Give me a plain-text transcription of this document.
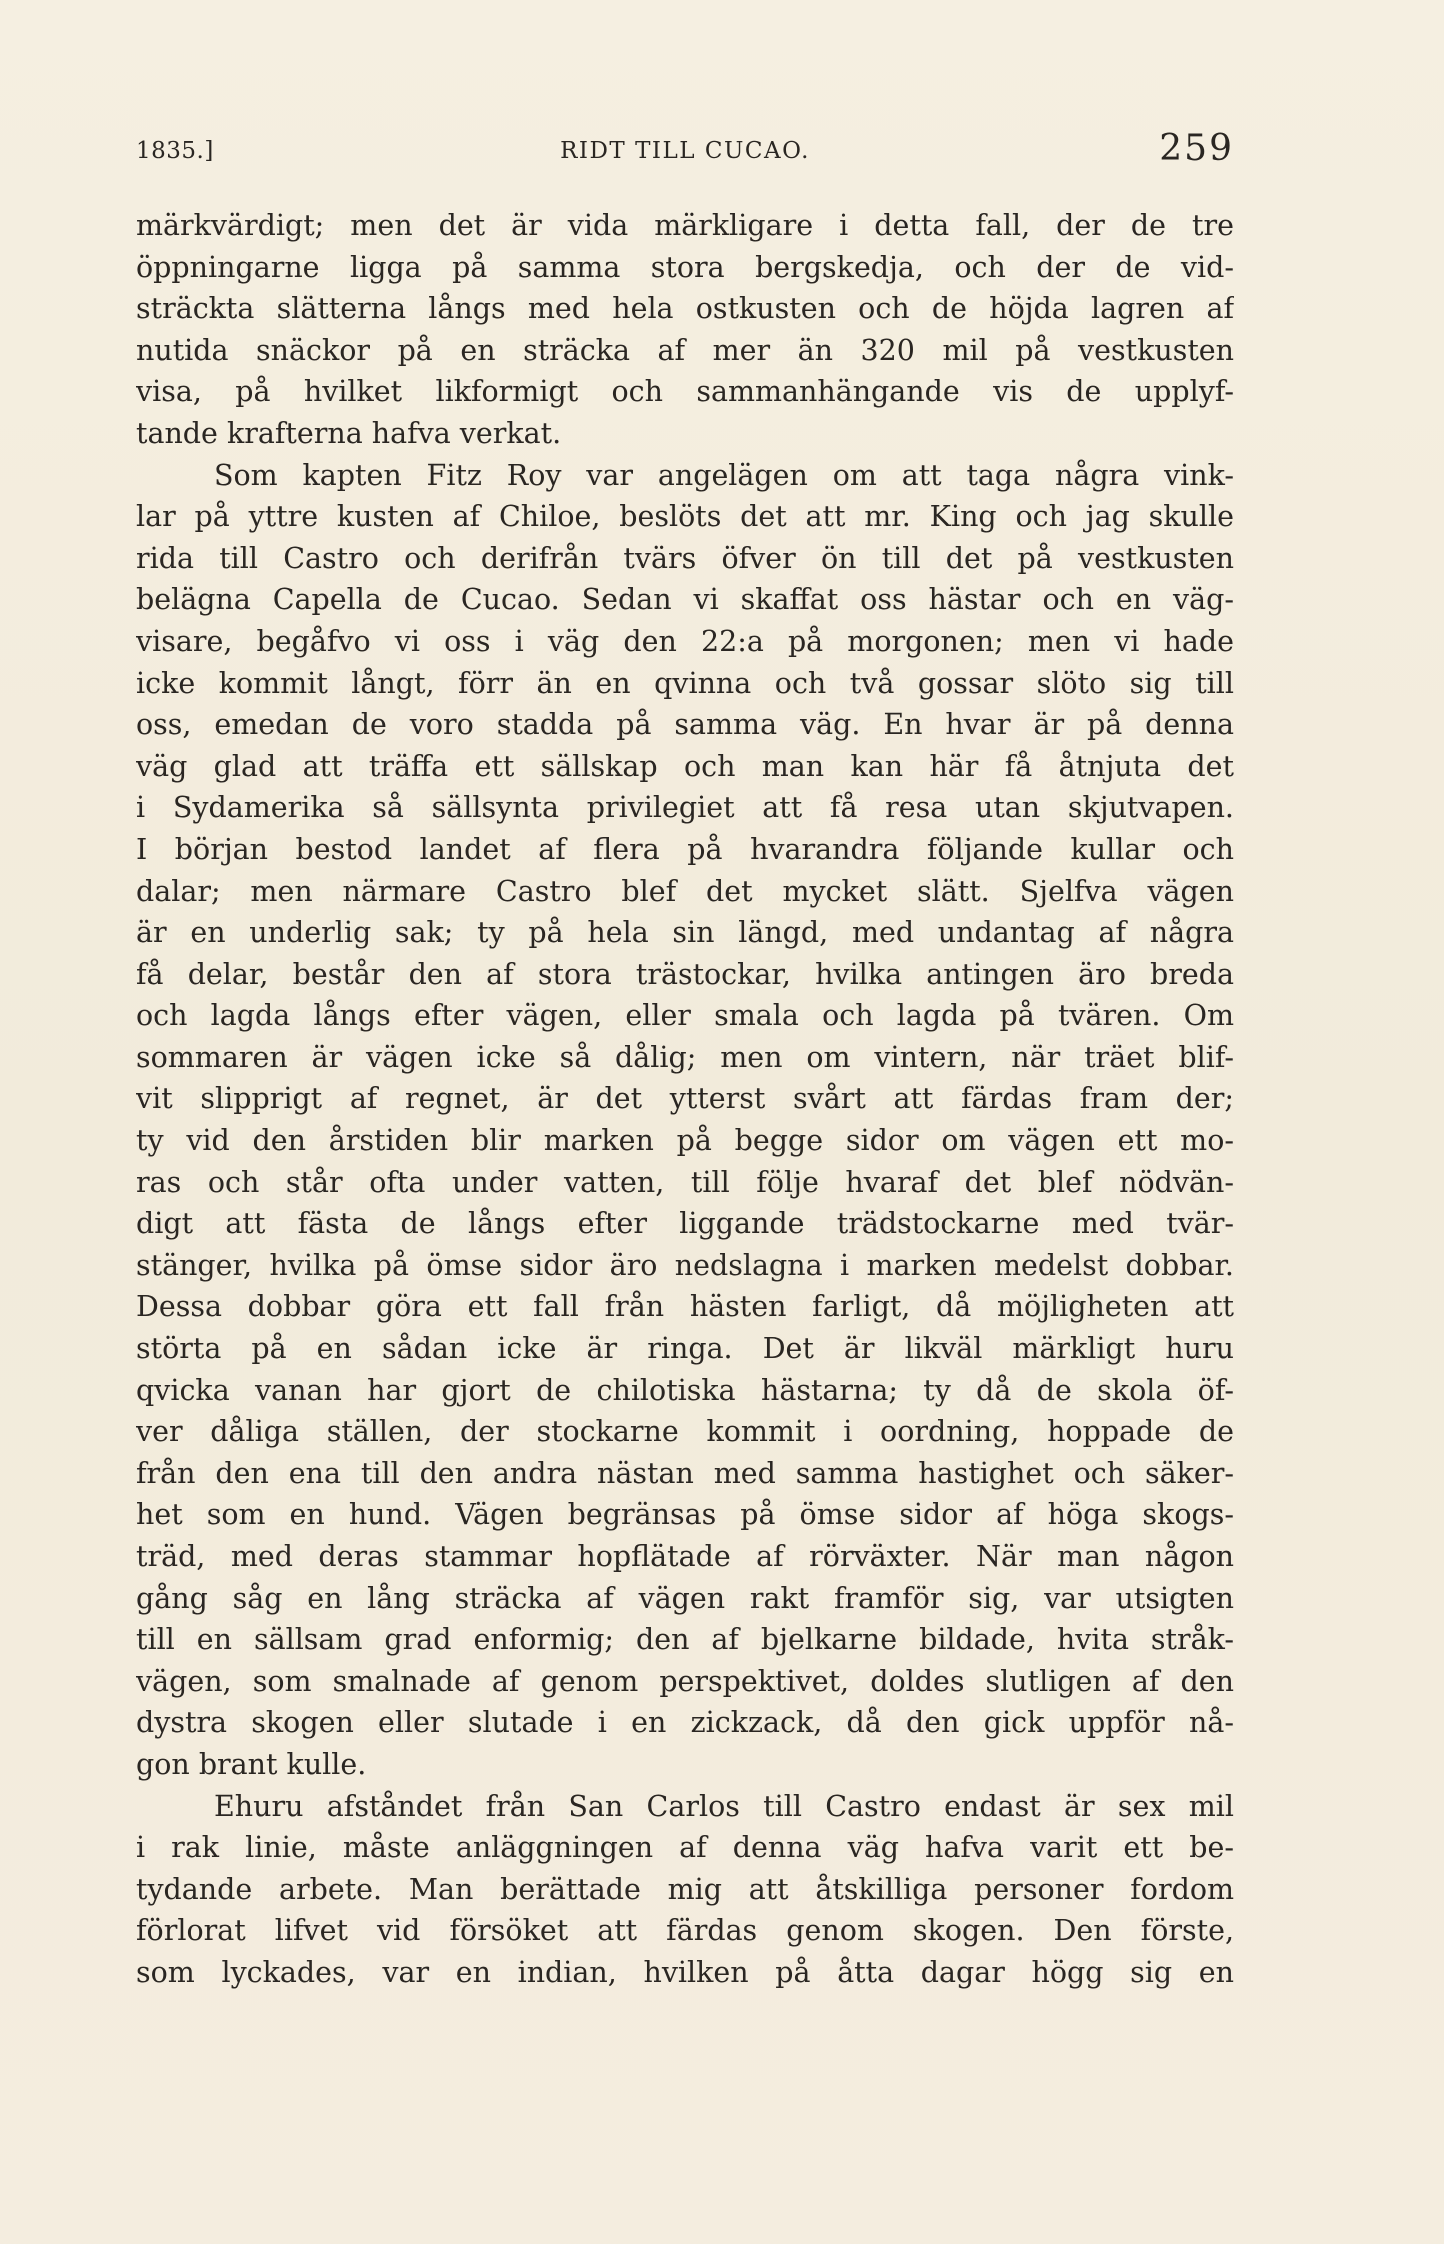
1835.]	RIDT TILL CUCAO.	259
märkvärdigt; men det är vida märkligare i detta fall, der de tre
öppningarne ligga på samma stora bergskedja, och der de vid-
sträckta slätterna långs med hela ostkusten och de höjda lagren af
nutida snäckor på en sträcka af mer än 320 mil på vestkusten
visa, på hvilket likformigt och sammanhängande vis de upplyf-
tande krafterna hafva verkat.
Som kapten Fitz Roy var angelägen om att taga några vink-
lar på yttre kusten af Chiloe, beslöts det att mr. King och jag skulle
rida till Castro och derifrån tvärs öfver ön till det på vestkusten
belägna Capella de Cucao. Sedan vi skaffat oss hästar och en väg-
visare, begåfvo vi oss i väg den 22:a på morgonen; men vi hade
icke kommit långt, förr än en qvinna och två gossar slöto sig till
oss, emedan de voro stadda på samma väg. En hvar är på denna
väg glad att träffa ett sällskap och man kan här få åtnjuta det
i Sydamerika så sällsynta privilegiet att få resa utan skjutvapen.
I början bestod landet af flera på hvarandra följande kullar och
dalar; men närmare Castro blef det mycket slätt. Sjelfva vägen
är en underlig sak; ty på hela sin längd, med undantag af några
få delar, består den af stora trästockar, hvilka antingen äro breda
och lagda långs efter vägen, eller smala och lagda på tvären. Om
sommaren är vägen icke så dålig; men om vintern, när träet blif-
vit slipprigt af regnet, är det ytterst svårt att färdas fram der;
ty vid den årstiden blir marken på begge sidor om vägen ett mo-
ras och står ofta under vatten, till följe hvaraf det blef nödvän-
digt att fästa de långs efter liggande trädstockarne med tvär-
stänger, hvilka på ömse sidor äro nedslagna i marken medelst dobbar.
Dessa dobbar göra ett fall från hästen farligt, då möjligheten att
störta på en sådan icke är ringa. Det är likväl märkligt huru
qvicka vanan har gjort de chilotiska hästarna; ty då de skola öf-
ver dåliga ställen, der stockarne kommit i oordning, hoppade de
från den ena till den andra nästan med samma hastighet och säker-
het som en hund. Vägen begränsas på ömse sidor af höga skogs-
träd, med deras stammar hopflätade af rörväxter. När man någon
gång såg en lång sträcka af vägen rakt framför sig, var utsigten
till en sällsam grad enformig; den af bjelkarne bildade, hvita stråk-
vägen, som smalnade af genom perspektivet, doldes slutligen af den
dystra skogen eller slutade i en zickzack, då den gick uppför nå-
gon brant kulle.
Ehuru afståndet från San Carlos till Castro endast är sex mil
i rak linie, måste anläggningen af denna väg hafva varit ett be-
tydande arbete. Man berättade mig att åtskilliga personer fordom
förlorat lifvet vid försöket att färdas genom skogen. Den förste,
som lyckades, var en indian, hvilken på åtta dagar högg sig en
